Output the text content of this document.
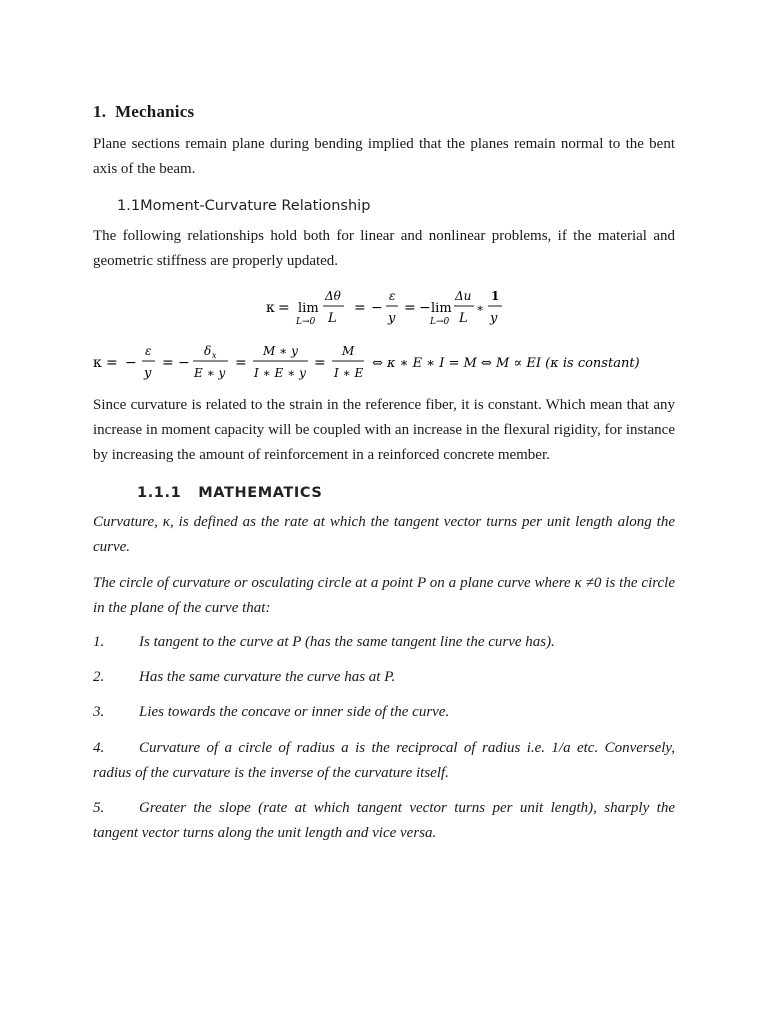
1. Mechanics

Plane sections remain plane during bending implied that the planes remain normal to the bent axis of the beam.

1.1Moment-Curvature Relationship

The following relationships hold both for linear and nonlinear problems, if the material and geometric stiffness are properly updated.

κ = lim
L→0
Δθ
L
= −
ε
y
= − lim
L→0
Δu
L
∗
1
y
κ = −
ε
y
= −
δ x
E ∗ y
=
M ∗ y
I ∗ E ∗ y
=
M
I ∗ E
⇔ κ ∗ E ∗ I = M ⇔ M ∝ EI (κ is constant)

Since curvature is related to the strain in the reference fiber, it is constant. Which mean that any increase in moment capacity will be coupled with an increase in the flexural rigidity, for instance by increasing the amount of reinforcement in a reinforced concrete member.

1.1.1 MATHEMATICS

Curvature, κ, is defined as the rate at which the tangent vector turns per unit length along the curve.

The circle of curvature or osculating circle at a point P on a plane curve where κ ≠0 is the circle in the plane of the curve that:

1. Is tangent to the curve at P (has the same tangent line the curve has).

2. Has the same curvature the curve has at P.

3. Lies towards the concave or inner side of the curve.

4. Curvature of a circle of radius a is the reciprocal of radius i.e. 1/a etc. Conversely, radius of the curvature is the inverse of the curvature itself.

5. Greater the slope (rate at which tangent vector turns per unit length), sharply the tangent vector turns along the unit length and vice versa.
